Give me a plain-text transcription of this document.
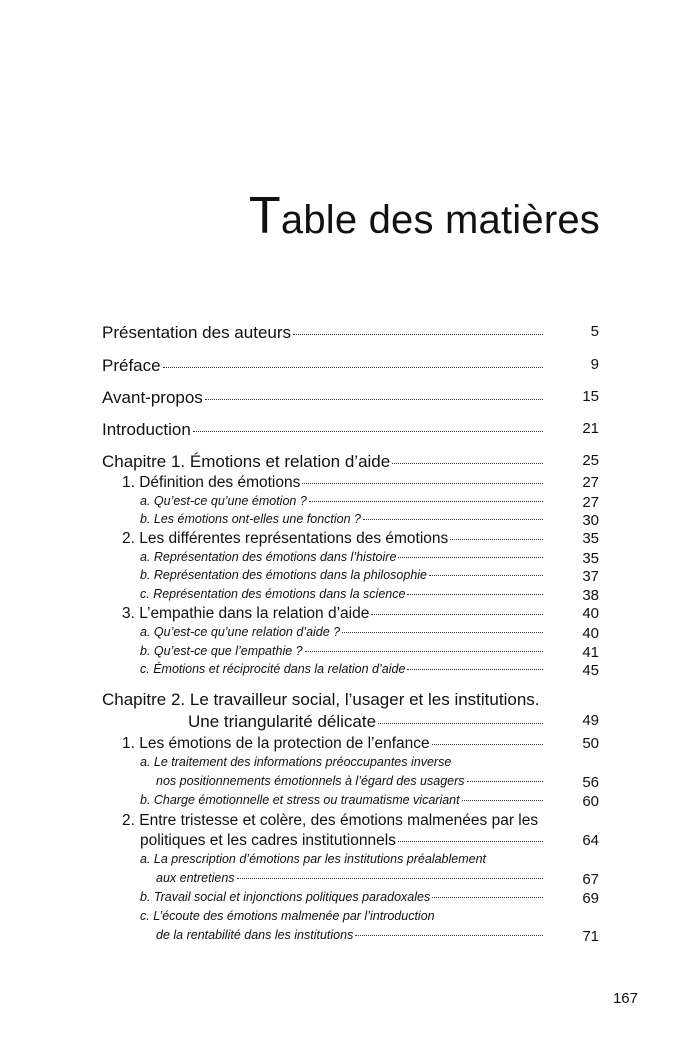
Table des matières
Présentation des auteurs	5
Préface	9
Avant-propos	15
Introduction	21
Chapitre 1. Émotions et relation d’aide	25
1. Définition des émotions	27
a. Qu’est-ce qu’une émotion ?	27
b. Les émotions ont-elles une fonction ?	30
2. Les différentes représentations des émotions	35
a. Représentation des émotions dans l’histoire	35
b. Représentation des émotions dans la philosophie	37
c. Représentation des émotions dans la science	38
3. L’empathie dans la relation d’aide	40
a. Qu’est-ce qu’une relation d’aide ?	40
b. Qu’est-ce que l’empathie ?	41
c. Émotions et réciprocité dans la relation d’aide	45
Chapitre 2. Le travailleur social, l’usager et les institutions.
Une triangularité délicate	49
1. Les émotions de la protection de l’enfance	50
a. Le traitement des informations préoccupantes inverse
nos positionnements émotionnels à l’égard des usagers	56
b. Charge émotionnelle et stress ou traumatisme vicariant	60
2. Entre tristesse et colère, des émotions malmenées par les
politiques et les cadres institutionnels	64
a. La prescription d’émotions par les institutions préalablement
aux entretiens	67
b. Travail social et injonctions politiques paradoxales	69
c. L’écoute des émotions malmenée par l’introduction
de la rentabilité dans les institutions	71

167
